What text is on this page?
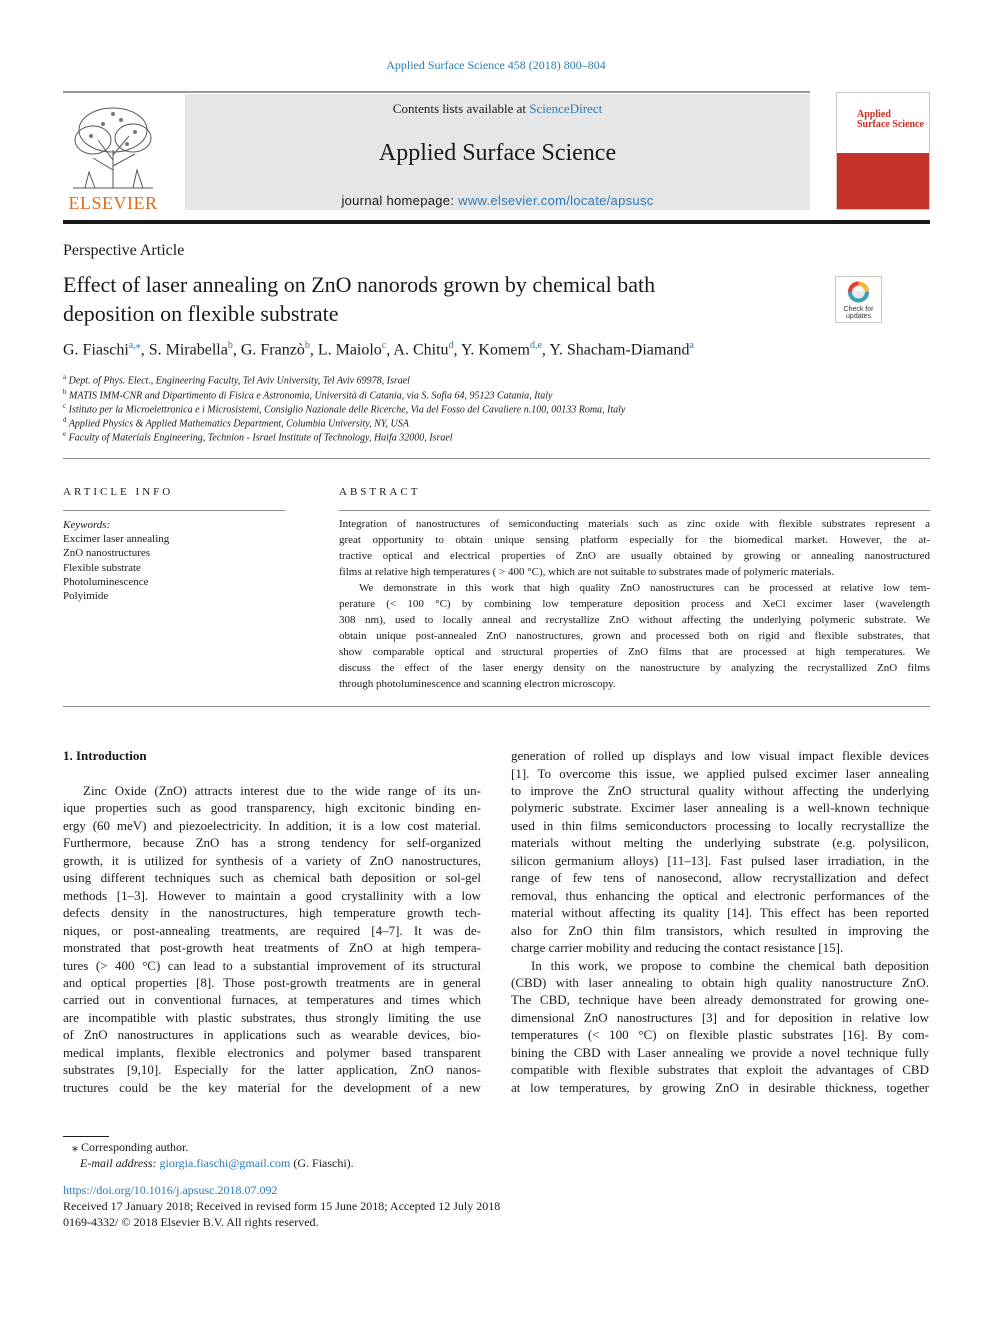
Applied Surface Science 458 (2018) 800–804
ELSEVIER
Contents lists available at ScienceDirect
Applied Surface Science
journal homepage: www.elsevier.com/locate/apsusc
Applied
Surface Science
Perspective Article
Effect of laser annealing on ZnO nanorods grown by chemical bath
deposition on flexible substrate	Check for
updates
G. Fiaschi$^{a,⁎}$, S. Mirabella$^b$, G. Franzò$^b$, L. Maiolo$^c$, A. Chitu$^d$, Y. Komem$^{d,e}$, Y. Shacham-Diamand$^a$
$^a$ Dept. of Phys. Elect., Engineering Faculty, Tel Aviv University, Tel Aviv 69978, Israel
$^b$ MATIS IMM-CNR and Dipartimento di Fisica e Astronomia, Università di Catania, via S. Sofia 64, 95123 Catania, Italy
$^c$ Istituto per la Microelettronica e i Microsistemi, Consiglio Nazionale delle Ricerche, Via del Fosso del Cavaliere n.100, 00133 Roma, Italy
$^d$ Applied Physics & Applied Mathematics Department, Columbia University, NY, USA
$^e$ Faculty of Materials Engineering, Technion - Israel Institute of Technology, Haifa 32000, Israel
ARTICLE INFO	ABSTRACT
Keywords:
Excimer laser annealing
ZnO nanostructures
Flexible substrate
Photoluminescence
Polyimide
Integration of nanostructures of semiconducting materials such as zinc oxide with flexible substrates represent a
great opportunity to obtain unique sensing platform especially for the biomedical market. However, the at-
tractive optical and electrical properties of ZnO are usually obtained by growing or annealing nanostructured
films at relative high temperatures ( > 400 °C), which are not suitable to substrates made of polymeric materials.
We demonstrate in this work that high quality ZnO nanostructures can be processed at relative low tem-
perature (< 100 °C) by combining low temperature deposition process and XeCl excimer laser (wavelength
308 nm), used to locally anneal and recrystallize ZnO without affecting the underlying polymeric substrate. We
obtain unique post-annealed ZnO nanostructures, grown and processed both on rigid and flexible substrates, that
show comparable optical and structural properties of ZnO films that are processed at high temperatures. We
discuss the effect of the laser energy density on the nanostructure by analyzing the recrystallized ZnO films
through photoluminescence and scanning electron microscopy.
1. Introduction
Zinc Oxide (ZnO) attracts interest due to the wide range of its un-
ique properties such as good transparency, high excitonic binding en-
ergy (60 meV) and piezoelectricity. In addition, it is a low cost material.
Furthermore, because ZnO has a strong tendency for self-organized
growth, it is utilized for synthesis of a variety of ZnO nanostructures,
using different techniques such as chemical bath deposition or sol-gel
methods [1–3]. However to maintain a good crystallinity with a low
defects density in the nanostructures, high temperature growth tech-
niques, or post-annealing treatments, are required [4–7]. It was de-
monstrated that post-growth heat treatments of ZnO at high tempera-
tures (> 400 °C) can lead to a substantial improvement of its structural
and optical properties [8]. Those post-growth treatments are in general
carried out in conventional furnaces, at temperatures and times which
are incompatible with plastic substrates, thus strongly limiting the use
of ZnO nanostructures in applications such as wearable devices, bio-
medical implants, flexible electronics and polymer based transparent
substrates [9,10]. Especially for the latter application, ZnO nanos-
tructures could be the key material for the development of a new
generation of rolled up displays and low visual impact flexible devices
[1]. To overcome this issue, we applied pulsed excimer laser annealing
to improve the ZnO structural quality without affecting the underlying
polymeric substrate. Excimer laser annealing is a well-known technique
used in thin films semiconductors processing to locally recrystallize the
materials without melting the underlying substrate (e.g. polysilicon,
silicon germanium alloys) [11–13]. Fast pulsed laser irradiation, in the
range of few tens of nanosecond, allow recrystallization and defect
removal, thus enhancing the optical and electronic performances of the
material without affecting its quality [14]. This effect has been reported
also for ZnO thin film transistors, which resulted in improving the
charge carrier mobility and reducing the contact resistance [15].
In this work, we propose to combine the chemical bath deposition
(CBD) with laser annealing to obtain high quality nanostructure ZnO.
The CBD, technique have been already demonstrated for growing one-
dimensional ZnO nanostructures [3] and for deposition in relative low
temperatures (< 100 °C) on flexible plastic substrates [16]. By com-
bining the CBD with Laser annealing we provide a novel technique fully
compatible with flexible substrates that exploit the advantages of CBD
at low temperatures, by growing ZnO in desirable thickness, together
⁎ Corresponding author.
E-mail address: giorgia.fiaschi@gmail.com (G. Fiaschi).
https://doi.org/10.1016/j.apsusc.2018.07.092
Received 17 January 2018; Received in revised form 15 June 2018; Accepted 12 July 2018
0169-4332/ © 2018 Elsevier B.V. All rights reserved.
